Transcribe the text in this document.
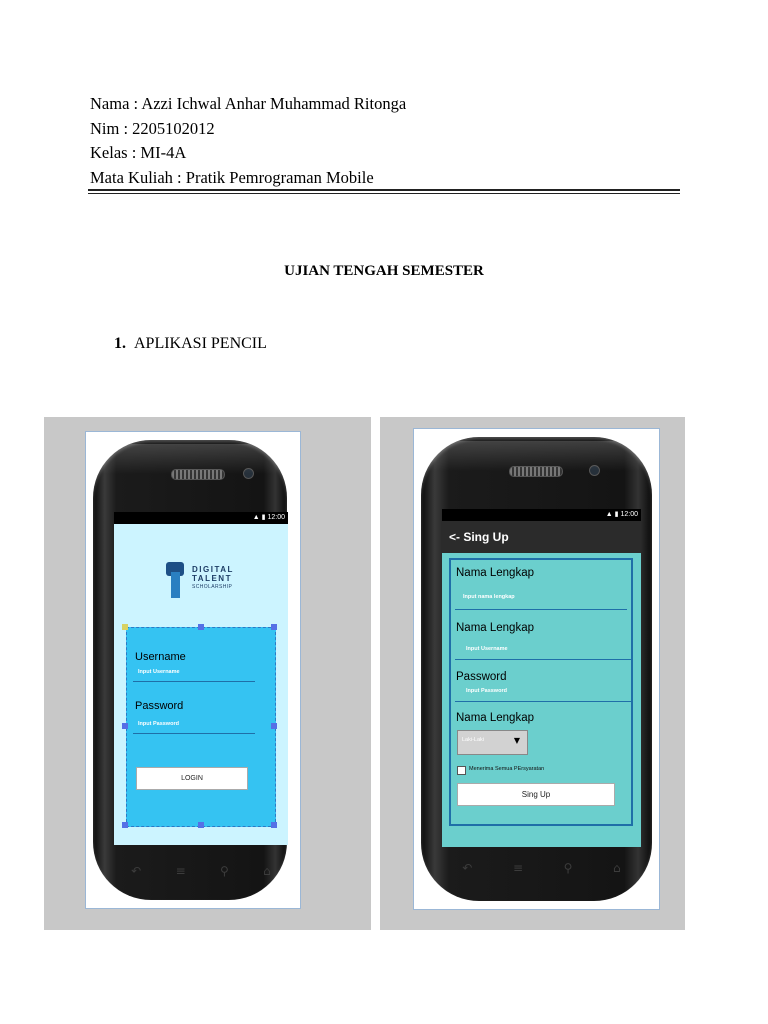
Nama : Azzi Ichwal Anhar Muhammad Ritonga
Nim : 2205102012
Kelas : MI-4A
Mata Kuliah : Pratik Pemrograman Mobile
UJIAN TENGAH SEMESTER
1. APLIKASI PENCIL
▲ ▮ 12:00
DIGITAL
TALENT
SCHOLARSHIP
Username
Input Username
Password
Input Password
LOGIN
↶	≡	⚲	⌂
▲ ▮ 12:00
<- Sing Up
Nama Lengkap
Input nama lengkap
Nama Lengkap
Input Username
Password
Input Password
Nama Lengkap
Laki-Laki	▼
Menerima Semua PErsyaratan
Sing Up
↶	≡	⚲	⌂
